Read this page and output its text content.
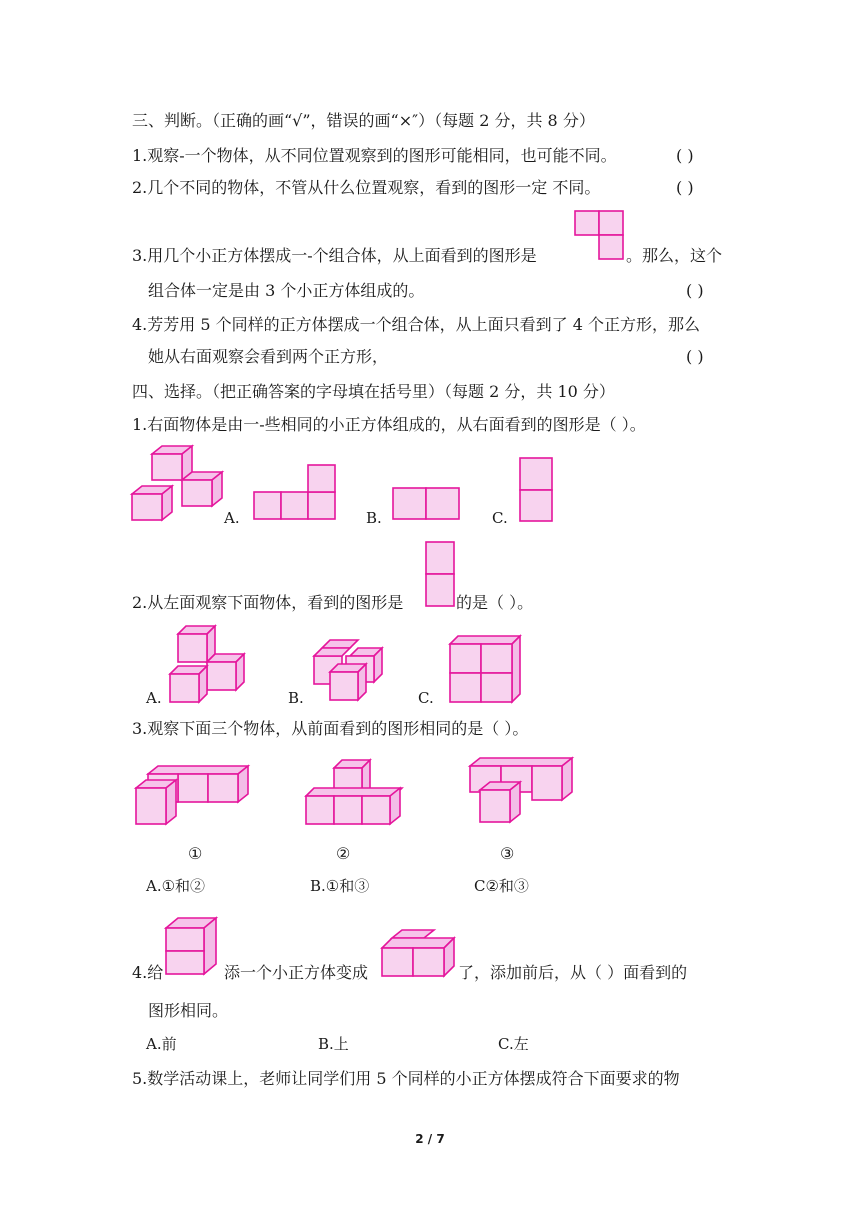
三、判断。（正确的画“√”，错误的画“×″）（每题 2 分，共 8 分）
1.观察-一个物体，从不同位置观察到的图形可能相同，也可能不同。	( )
2.几个不同的物体，不管从什么位置观察，看到的图形一定 不同。	( )
3.用几个小正方体摆成一-个组合体，从上面看到的图形是	。那么，这个
组合体一定是由 3 个小正方体组成的。	( )
4.芳芳用 5 个同样的正方体摆成一个组合体，从上面只看到了 4 个正方形，那么
她从右面观察会看到两个正方形，	( )
四、选择。（把正确答案的字母填在括号里）（每题 2 分，共 10 分）
1.右面物体是由一-些相同的小正方体组成的，从右面看到的图形是（ ）。
A.	B.	C.
2.从左面观察下面物体，看到的图形是	的是（ ）。
A.	B.	C.
3.观察下面三个物体，从前面看到的图形相同的是（ ）。
①	②	③
A.①和②	B.①和③	C②和③
4.给	添一个小正方体变成	了，添加前后，从（ ）面看到的
图形相同。
A.前	B.上	C.左
5.数学活动课上，老师让同学们用 5 个同样的小正方体摆成符合下面要求的物
2 / 7
